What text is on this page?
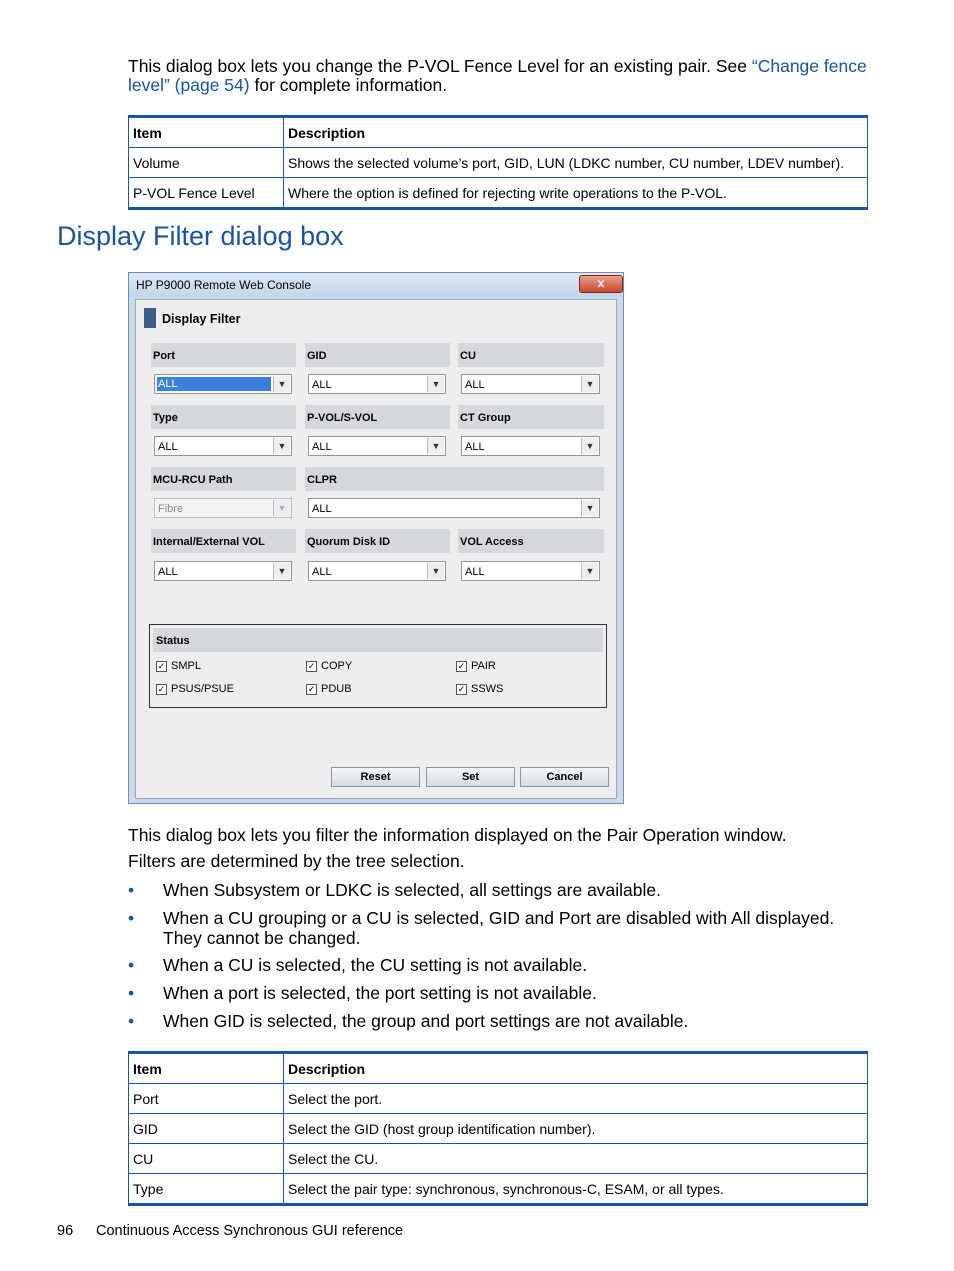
This dialog box lets you change the P-VOL Fence Level for an existing pair. See “Change fence
level” (page 54) for complete information.
Item	Description
Volume	Shows the selected volume’s port, GID, LUN (LDKC number, CU number, LDEV number).
P-VOL Fence Level	Where the option is defined for rejecting write operations to the P-VOL.
Display Filter dialog box
HP P9000 Remote Web Console	x
Display Filter
Port
ALL	▼
GID
ALL	▼
CU
ALL	▼
Type
ALL	▼
P-VOL/S-VOL
ALL	▼
CT Group
ALL	▼
MCU-RCU Path
Fibre	▼
CLPR
ALL	▼
Internal/External VOL
ALL	▼
Quorum Disk ID
ALL	▼
VOL Access
ALL	▼
Status
✓ SMPL	✓ COPY	✓ PAIR
✓ PSUS/PSUE	✓ PDUB	✓ SSWS
Reset	Set	Cancel
This dialog box lets you filter the information displayed on the Pair Operation window.
Filters are determined by the tree selection.
• When Subsystem or LDKC is selected, all settings are available.
• When a CU grouping or a CU is selected, GID and Port are disabled with All displayed. They cannot be changed.
• When a CU is selected, the CU setting is not available.
• When a port is selected, the port setting is not available.
• When GID is selected, the group and port settings are not available.
Item	Description
Port	Select the port.
GID	Select the GID (host group identification number).
CU	Select the CU.
Type	Select the pair type: synchronous, synchronous-C, ESAM, or all types.
96 Continuous Access Synchronous GUI reference
